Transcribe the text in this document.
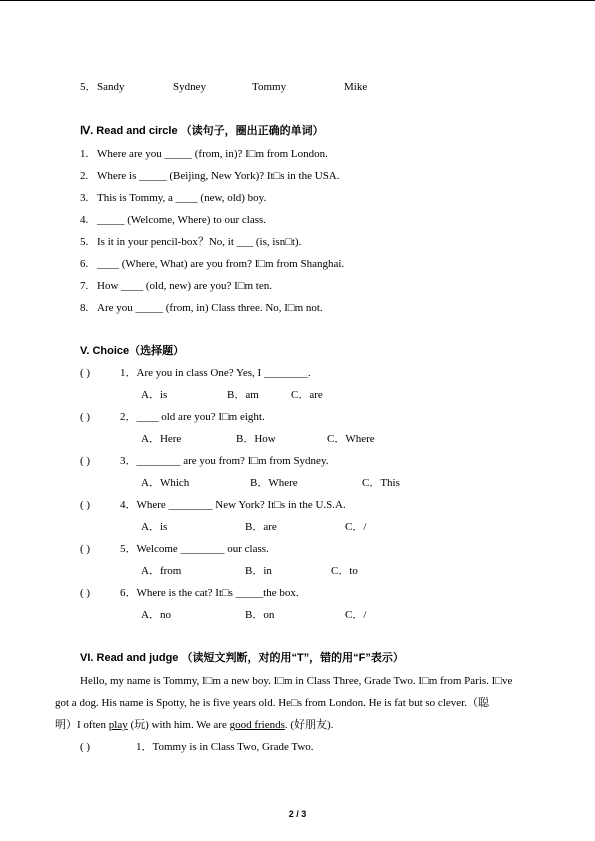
5． Sandy	Sydney	Tommy	Mike
Ⅳ. Read and circle （读句子，圈出正确的单词）
1. Where are you _____ (from, in)? I□m from London.
2. Where is _____ (Beijing, New York)? It□s in the USA.
3. This is Tommy, a ____ (new, old) boy.
4. _____ (Welcome, Where) to our class.
5. Is it in your pencil-box？No, it ___ (is, isn□t).
6. ____ (Where, What) are you from? I□m from Shanghai.
7. How ____ (old, new) are you? I□m ten.
8. Are you _____ (from, in) Class three. No, I□m not.
V. Choice（选择题）
( )	1．Are you in class One? Yes, I ________.
A．is	B．am	C．are
( )	2．____ old are you? I□m eight.
A．Here	B．How	C．Where
( )	3．________ are you from? I□m from Sydney.
A．Which	B．Where	C．This
( )	4．Where ________ New York? It□s in the U.S.A.
A．is	B．are	C．/
( )	5．Welcome ________ our class.
A．from	B．in	C．to
( )	6．Where is the cat? It□s _____the box.
A．no	B．on	C．/
VI. Read and judge （读短文判断，对的用“T”，错的用“F”表示）
Hello, my name is Tommy, I□m a new boy. I□m in Class Three, Grade Two. I□m from Paris. I□ve
got a dog. His name is Spotty, he is five years old. He□s from London. He is fat but so clever.（聪
明）I often play (玩) with him. We are good friends. (好朋友).
( )	1．Tommy is in Class Two, Grade Two.
2 / 3
